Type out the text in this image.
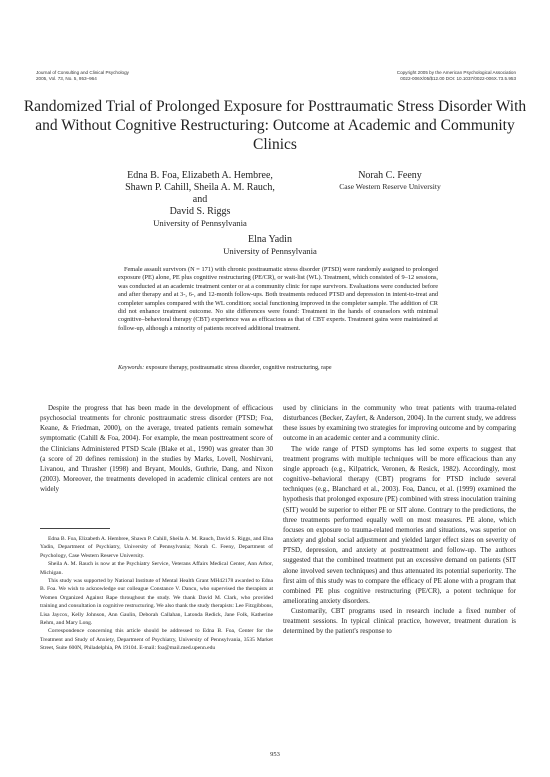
Journal of Consulting and Clinical Psychology
2005, Vol. 73, No. 5, 953–964
Copyright 2005 by the American Psychological Association
0022-006X/05/$12.00 DOI: 10.1037/0022-006X.73.5.953
Randomized Trial of Prolonged Exposure for Posttraumatic Stress Disorder With and Without Cognitive Restructuring: Outcome at Academic and Community Clinics
Edna B. Foa, Elizabeth A. Hembree,
Shawn P. Cahill, Sheila A. M. Rauch, and
David S. Riggs
University of Pennsylvania
Norah C. Feeny
Case Western Reserve University
Elna Yadin
University of Pennsylvania
Female assault survivors (N = 171) with chronic posttraumatic stress disorder (PTSD) were randomly assigned to prolonged exposure (PE) alone, PE plus cognitive restructuring (PE/CR), or wait-list (WL). Treatment, which consisted of 9–12 sessions, was conducted at an academic treatment center or at a community clinic for rape survivors. Evaluations were conducted before and after therapy and at 3-, 6-, and 12-month follow-ups. Both treatments reduced PTSD and depression in intent-to-treat and completer samples compared with the WL condition; social functioning improved in the completer sample. The addition of CR did not enhance treatment outcome. No site differences were found: Treatment in the hands of counselors with minimal cognitive–behavioral therapy (CBT) experience was as efficacious as that of CBT experts. Treatment gains were maintained at follow-up, although a minority of patients received additional treatment.
Keywords: exposure therapy, posttraumatic stress disorder, cognitive restructuring, rape

Despite the progress that has been made in the development of efficacious psychosocial treatments for chronic posttraumatic stress disorder (PTSD; Foa, Keane, & Friedman, 2000), on the average, treated patients remain somewhat symptomatic (Cahill & Foa, 2004). For example, the mean posttreatment score of the Clinicians Administered PTSD Scale (Blake et al., 1990) was greater than 30 (a score of 20 defines remission) in the studies by Marks, Lovell, Noshirvani, Livanou, and Thrasher (1998) and Bryant, Moulds, Guthrie, Dang, and Nixon (2003). Moreover, the treatments developed in academic clinical centers are not widely

Edna B. Foa, Elizabeth A. Hembree, Shawn P. Cahill, Sheila A. M. Rauch, David S. Riggs, and Elna Yadin, Department of Psychiatry, University of Pennsylvania; Norah C. Feeny, Department of Psychology, Case Western Reserve University.

Sheila A. M. Rauch is now at the Psychiatry Service, Veterans Affairs Medical Center, Ann Arbor, Michigan.

This study was supported by National Institute of Mental Health Grant MH42178 awarded to Edna B. Foa. We wish to acknowledge our colleague Constance V. Dancu, who supervised the therapists at Women Organized Against Rape throughout the study. We thank David M. Clark, who provided training and consultation in cognitive restructuring. We also thank the study therapists: Lee Fitzgibbons, Lisa Jaycox, Kelly Johnson, Ann Gaulin, Deborah Callahan, Latonda Redick, Jane Folk, Katherine Rehm, and Mary Long.

Correspondence concerning this article should be addressed to Edna B. Foa, Center for the Treatment and Study of Anxiety, Department of Psychiatry, University of Pennsylvania, 3535 Market Street, Suite 600N, Philadelphia, PA 19104. E-mail: foa@mail.med.upenn.edu

used by clinicians in the community who treat patients with trauma-related disturbances (Becker, Zayfert, & Anderson, 2004). In the current study, we address these issues by examining two strategies for improving outcome and by comparing outcome in an academic center and a community clinic.

The wide range of PTSD symptoms has led some experts to suggest that treatment programs with multiple techniques will be more efficacious than any single approach (e.g., Kilpatrick, Veronen, & Resick, 1982). Accordingly, most cognitive–behavioral therapy (CBT) programs for PTSD include several techniques (e.g., Blanchard et al., 2003). Foa, Dancu, et al. (1999) examined the hypothesis that prolonged exposure (PE) combined with stress inoculation training (SIT) would be superior to either PE or SIT alone. Contrary to the predictions, the three treatments performed equally well on most measures. PE alone, which focuses on exposure to trauma-related memories and situations, was superior on anxiety and global social adjustment and yielded larger effect sizes on severity of PTSD, depression, and anxiety at posttreatment and follow-up. The authors suggested that the combined treatment put an excessive demand on patients (SIT alone involved seven techniques) and thus attenuated its potential superiority. The first aim of this study was to compare the efficacy of PE alone with a program that combined PE plus cognitive restructuring (PE/CR), a potent technique for ameliorating anxiety disorders.

Customarily, CBT programs used in research include a fixed number of treatment sessions. In typical clinical practice, however, treatment duration is determined by the patient's response to

953
